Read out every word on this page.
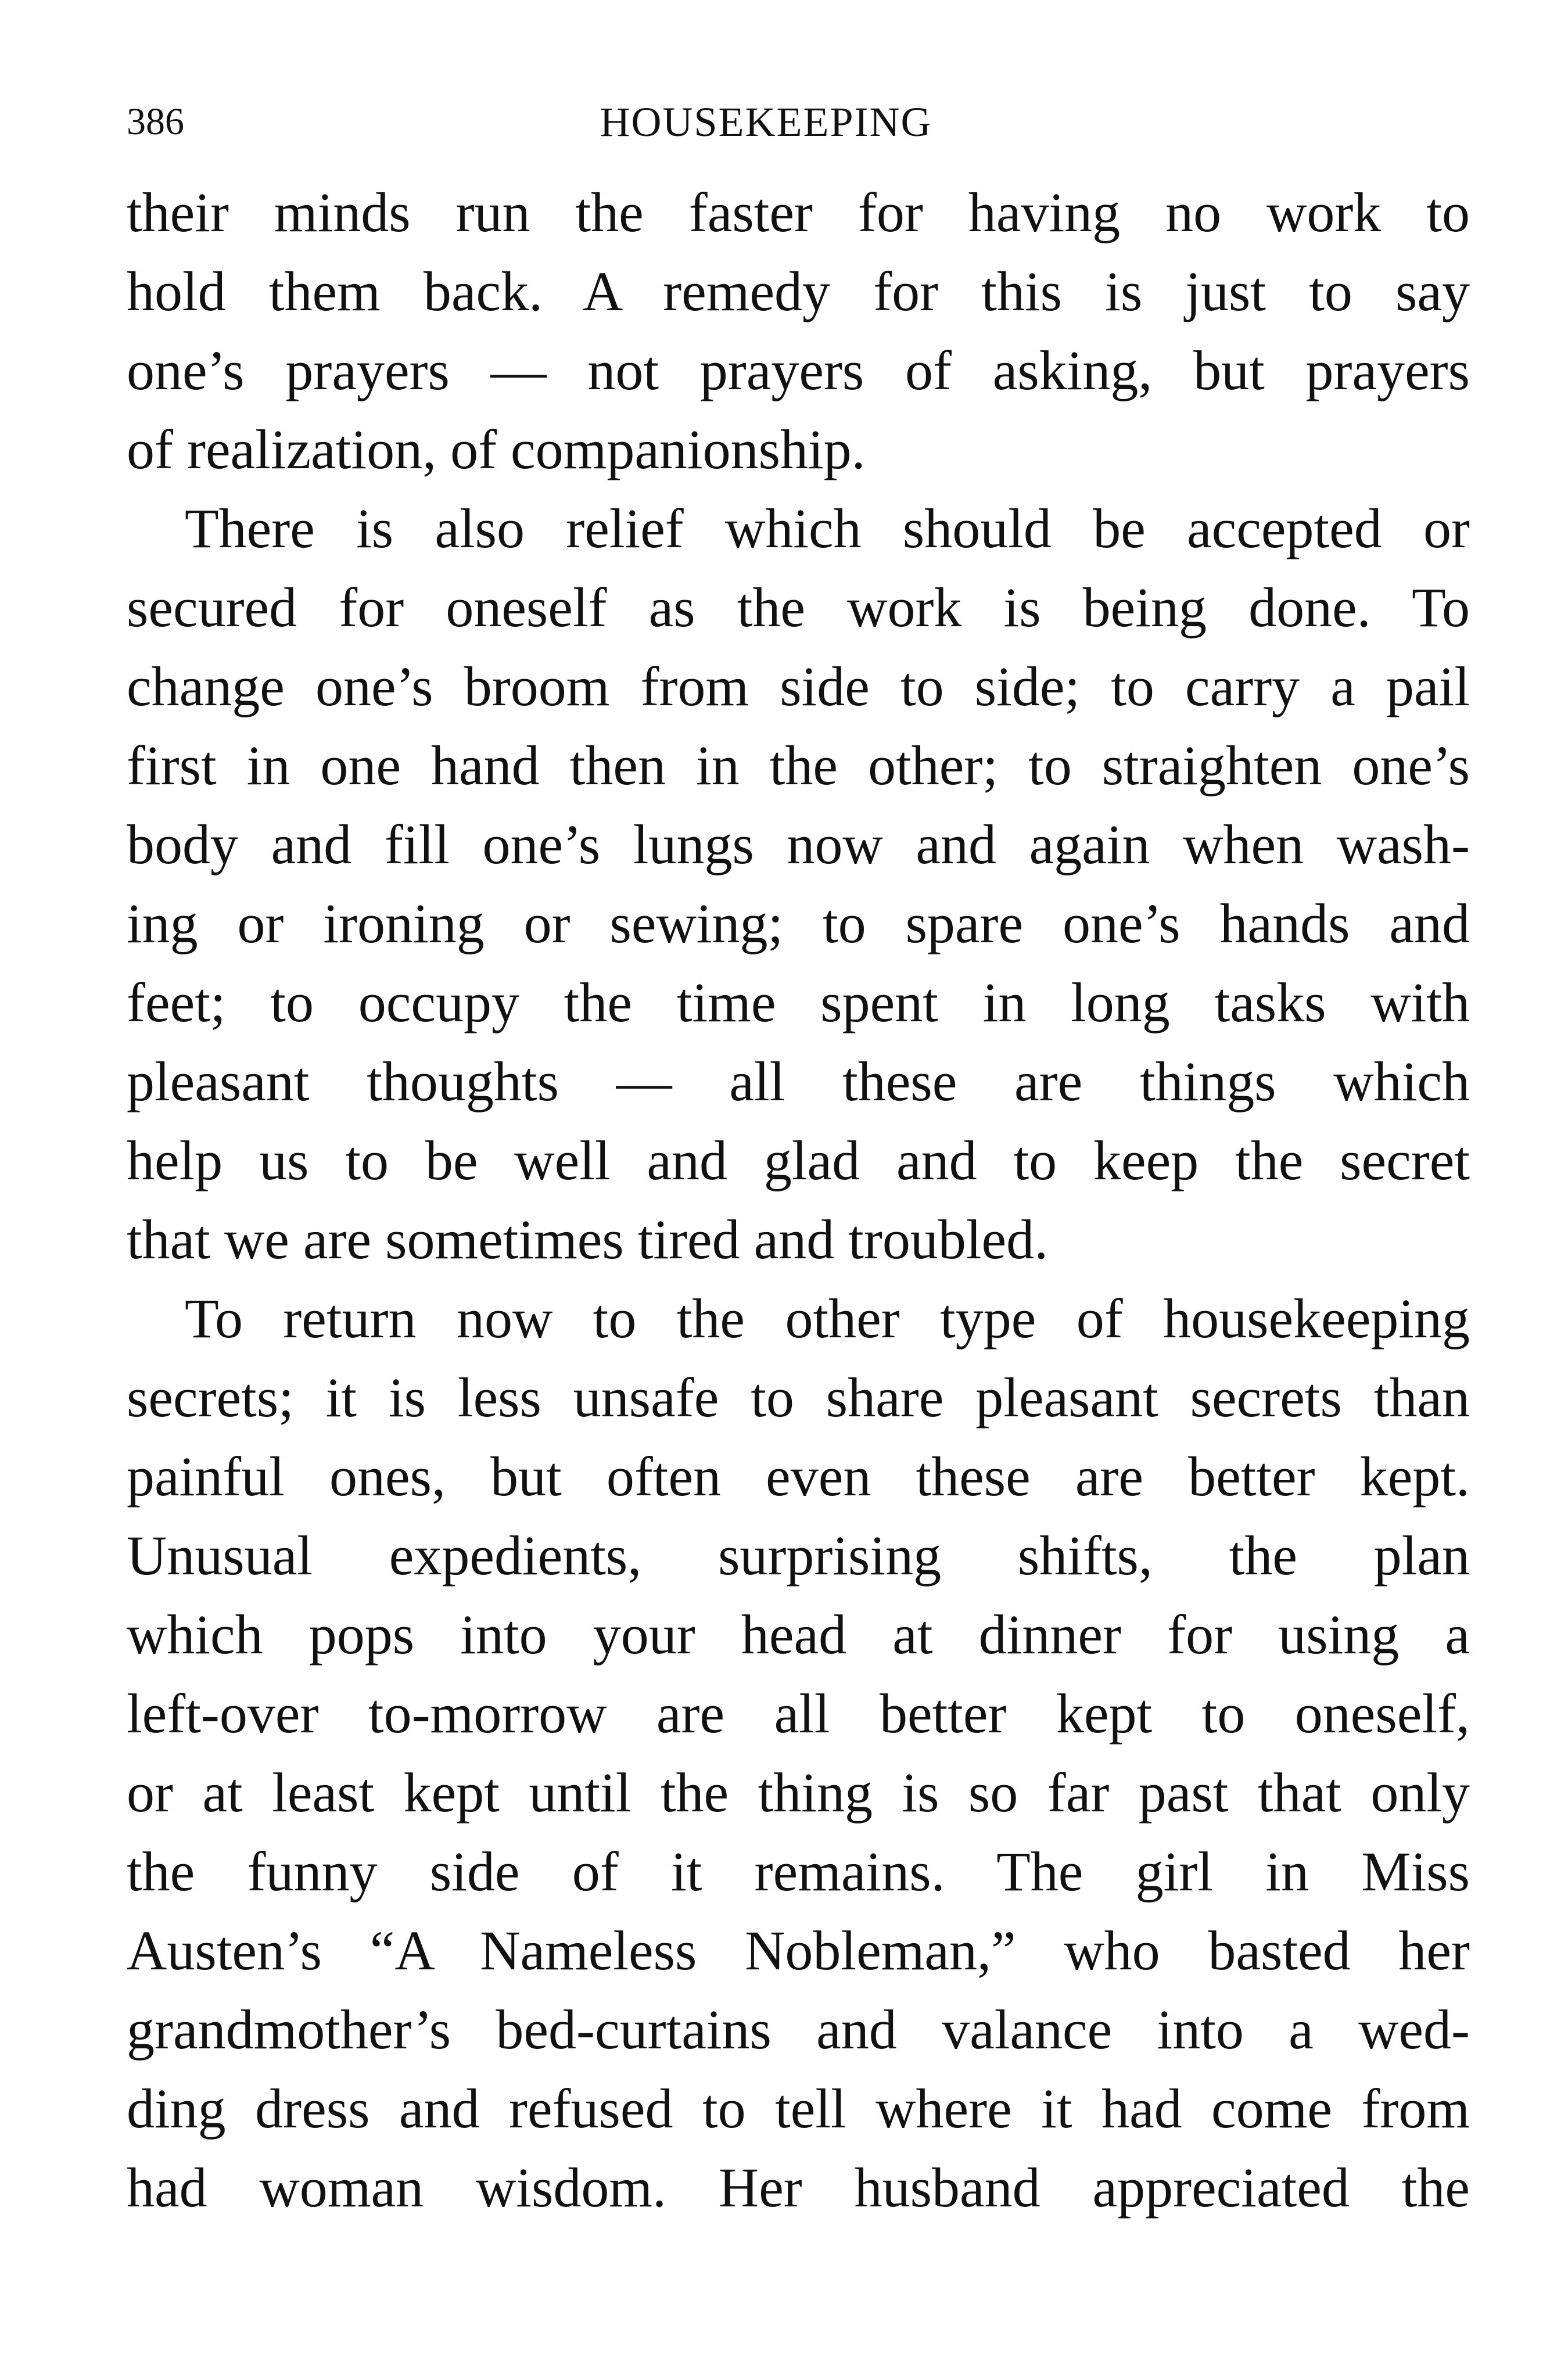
386	HOUSEKEEPING
their minds run the faster for having no work to
hold them back. A remedy for this is just to say
one’s prayers — not prayers of asking, but prayers
of realization, of companionship.
There is also relief which should be accepted or
secured for oneself as the work is being done. To
change one’s broom from side to side; to carry a pail
first in one hand then in the other; to straighten one’s
body and fill one’s lungs now and again when wash-
ing or ironing or sewing; to spare one’s hands and
feet; to occupy the time spent in long tasks with
pleasant thoughts — all these are things which
help us to be well and glad and to keep the secret
that we are sometimes tired and troubled.
To return now to the other type of housekeeping
secrets; it is less unsafe to share pleasant secrets than
painful ones, but often even these are better kept.
Unusual expedients, surprising shifts, the plan
which pops into your head at dinner for using a
left-over to-morrow are all better kept to oneself,
or at least kept until the thing is so far past that only
the funny side of it remains. The girl in Miss
Austen’s “A Nameless Nobleman,” who basted her
grandmother’s bed-curtains and valance into a wed-
ding dress and refused to tell where it had come from
had woman wisdom. Her husband appreciated the
